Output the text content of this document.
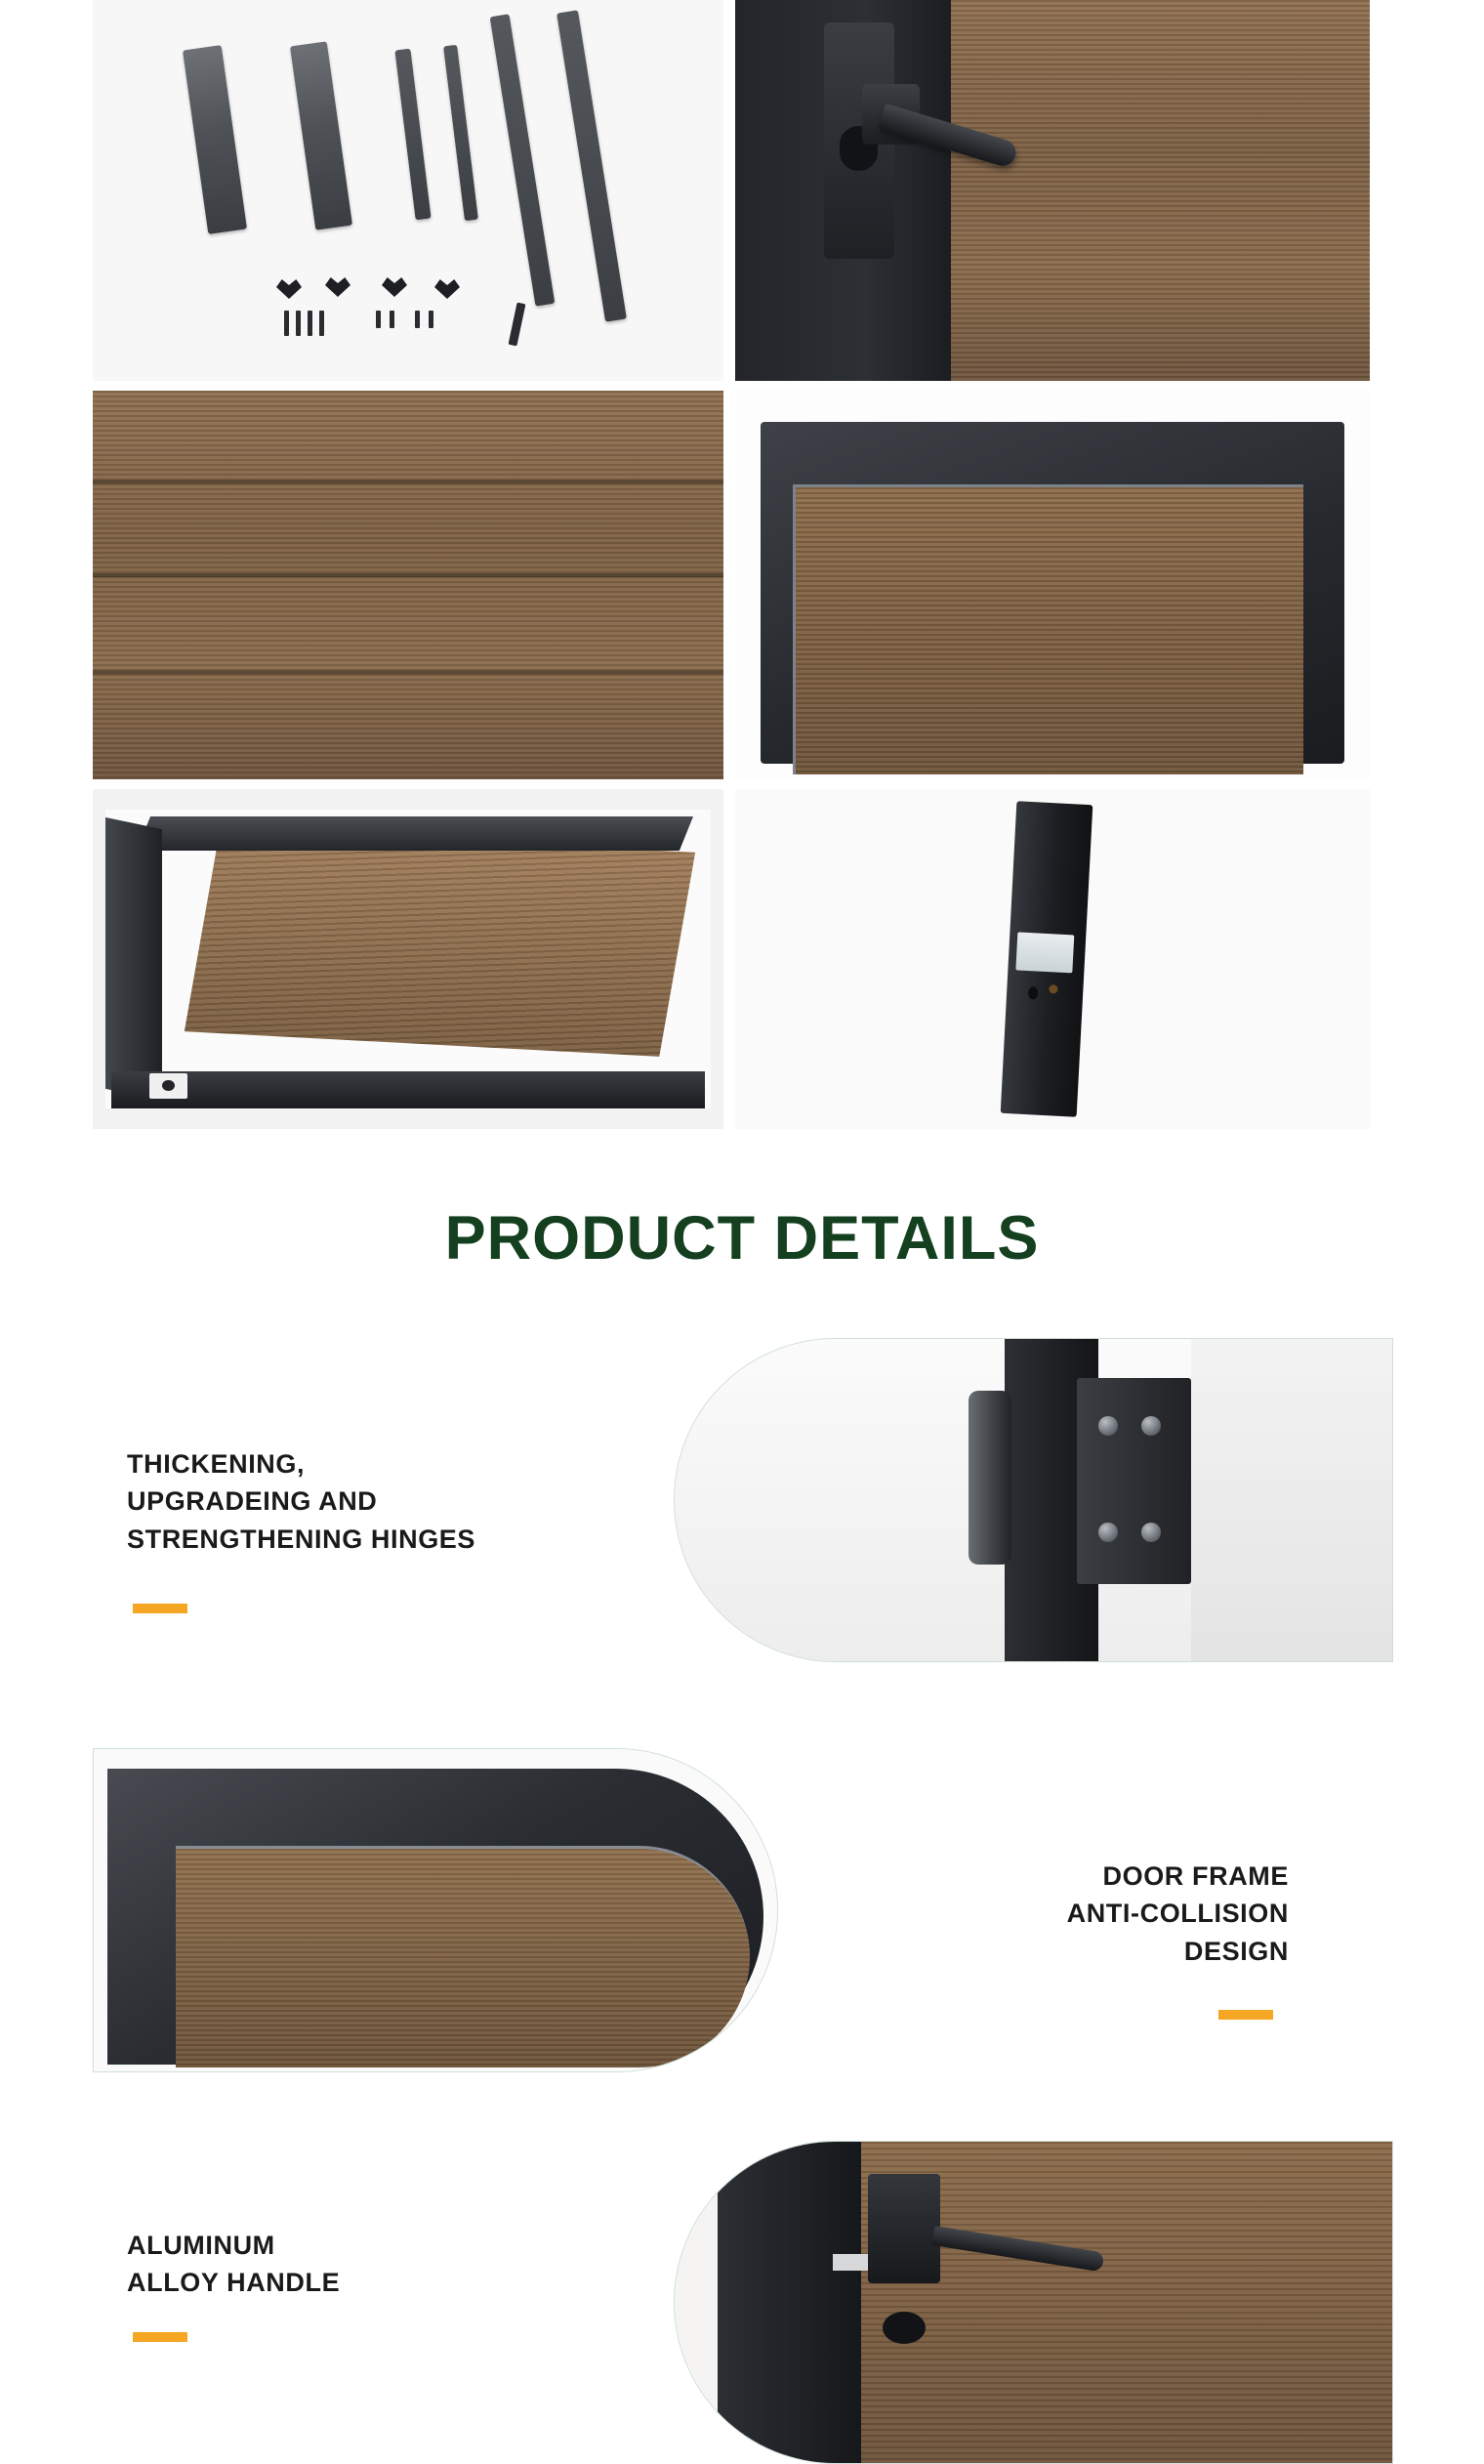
PRODUCT DETAILS
THICKENING,
UPGRADEING AND
STRENGTHENING HINGES
DOOR FRAME
ANTI-COLLISION
DESIGN
ALUMINUM
ALLOY HANDLE
